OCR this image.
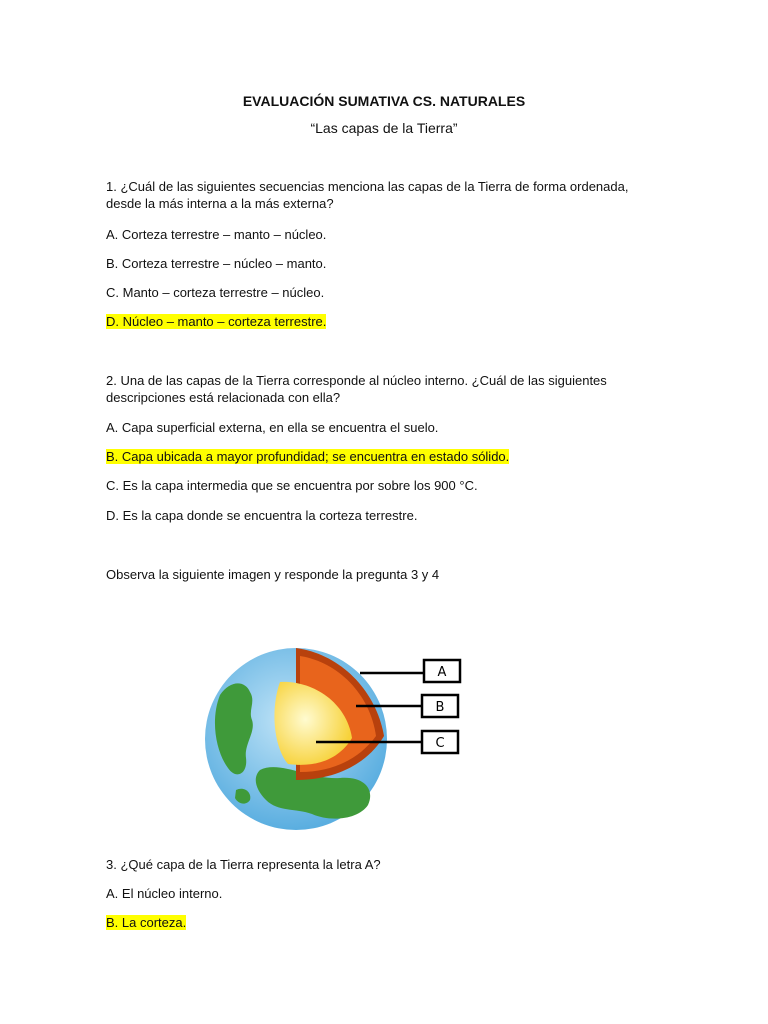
EVALUACIÓN SUMATIVA CS. NATURALES
“Las capas de la Tierra”
1. ¿Cuál de las siguientes secuencias menciona las capas de la Tierra de forma ordenada, desde la más interna a la más externa?
A. Corteza terrestre – manto – núcleo.
B. Corteza terrestre – núcleo – manto.
C. Manto – corteza terrestre – núcleo.
D. Núcleo – manto – corteza terrestre.
2. Una de las capas de la Tierra corresponde al núcleo interno. ¿Cuál de las siguientes descripciones está relacionada con ella?
A. Capa superficial externa, en ella se encuentra el suelo.
B. Capa ubicada a mayor profundidad; se encuentra en estado sólido.
C. Es la capa intermedia que se encuentra por sobre los 900 °C.
D. Es la capa donde se encuentra la corteza terrestre.
Observa la siguiente imagen y responde la pregunta 3 y 4
A
B
C
3. ¿Qué capa de la Tierra representa la letra A?
A. El núcleo interno.
B. La corteza.
